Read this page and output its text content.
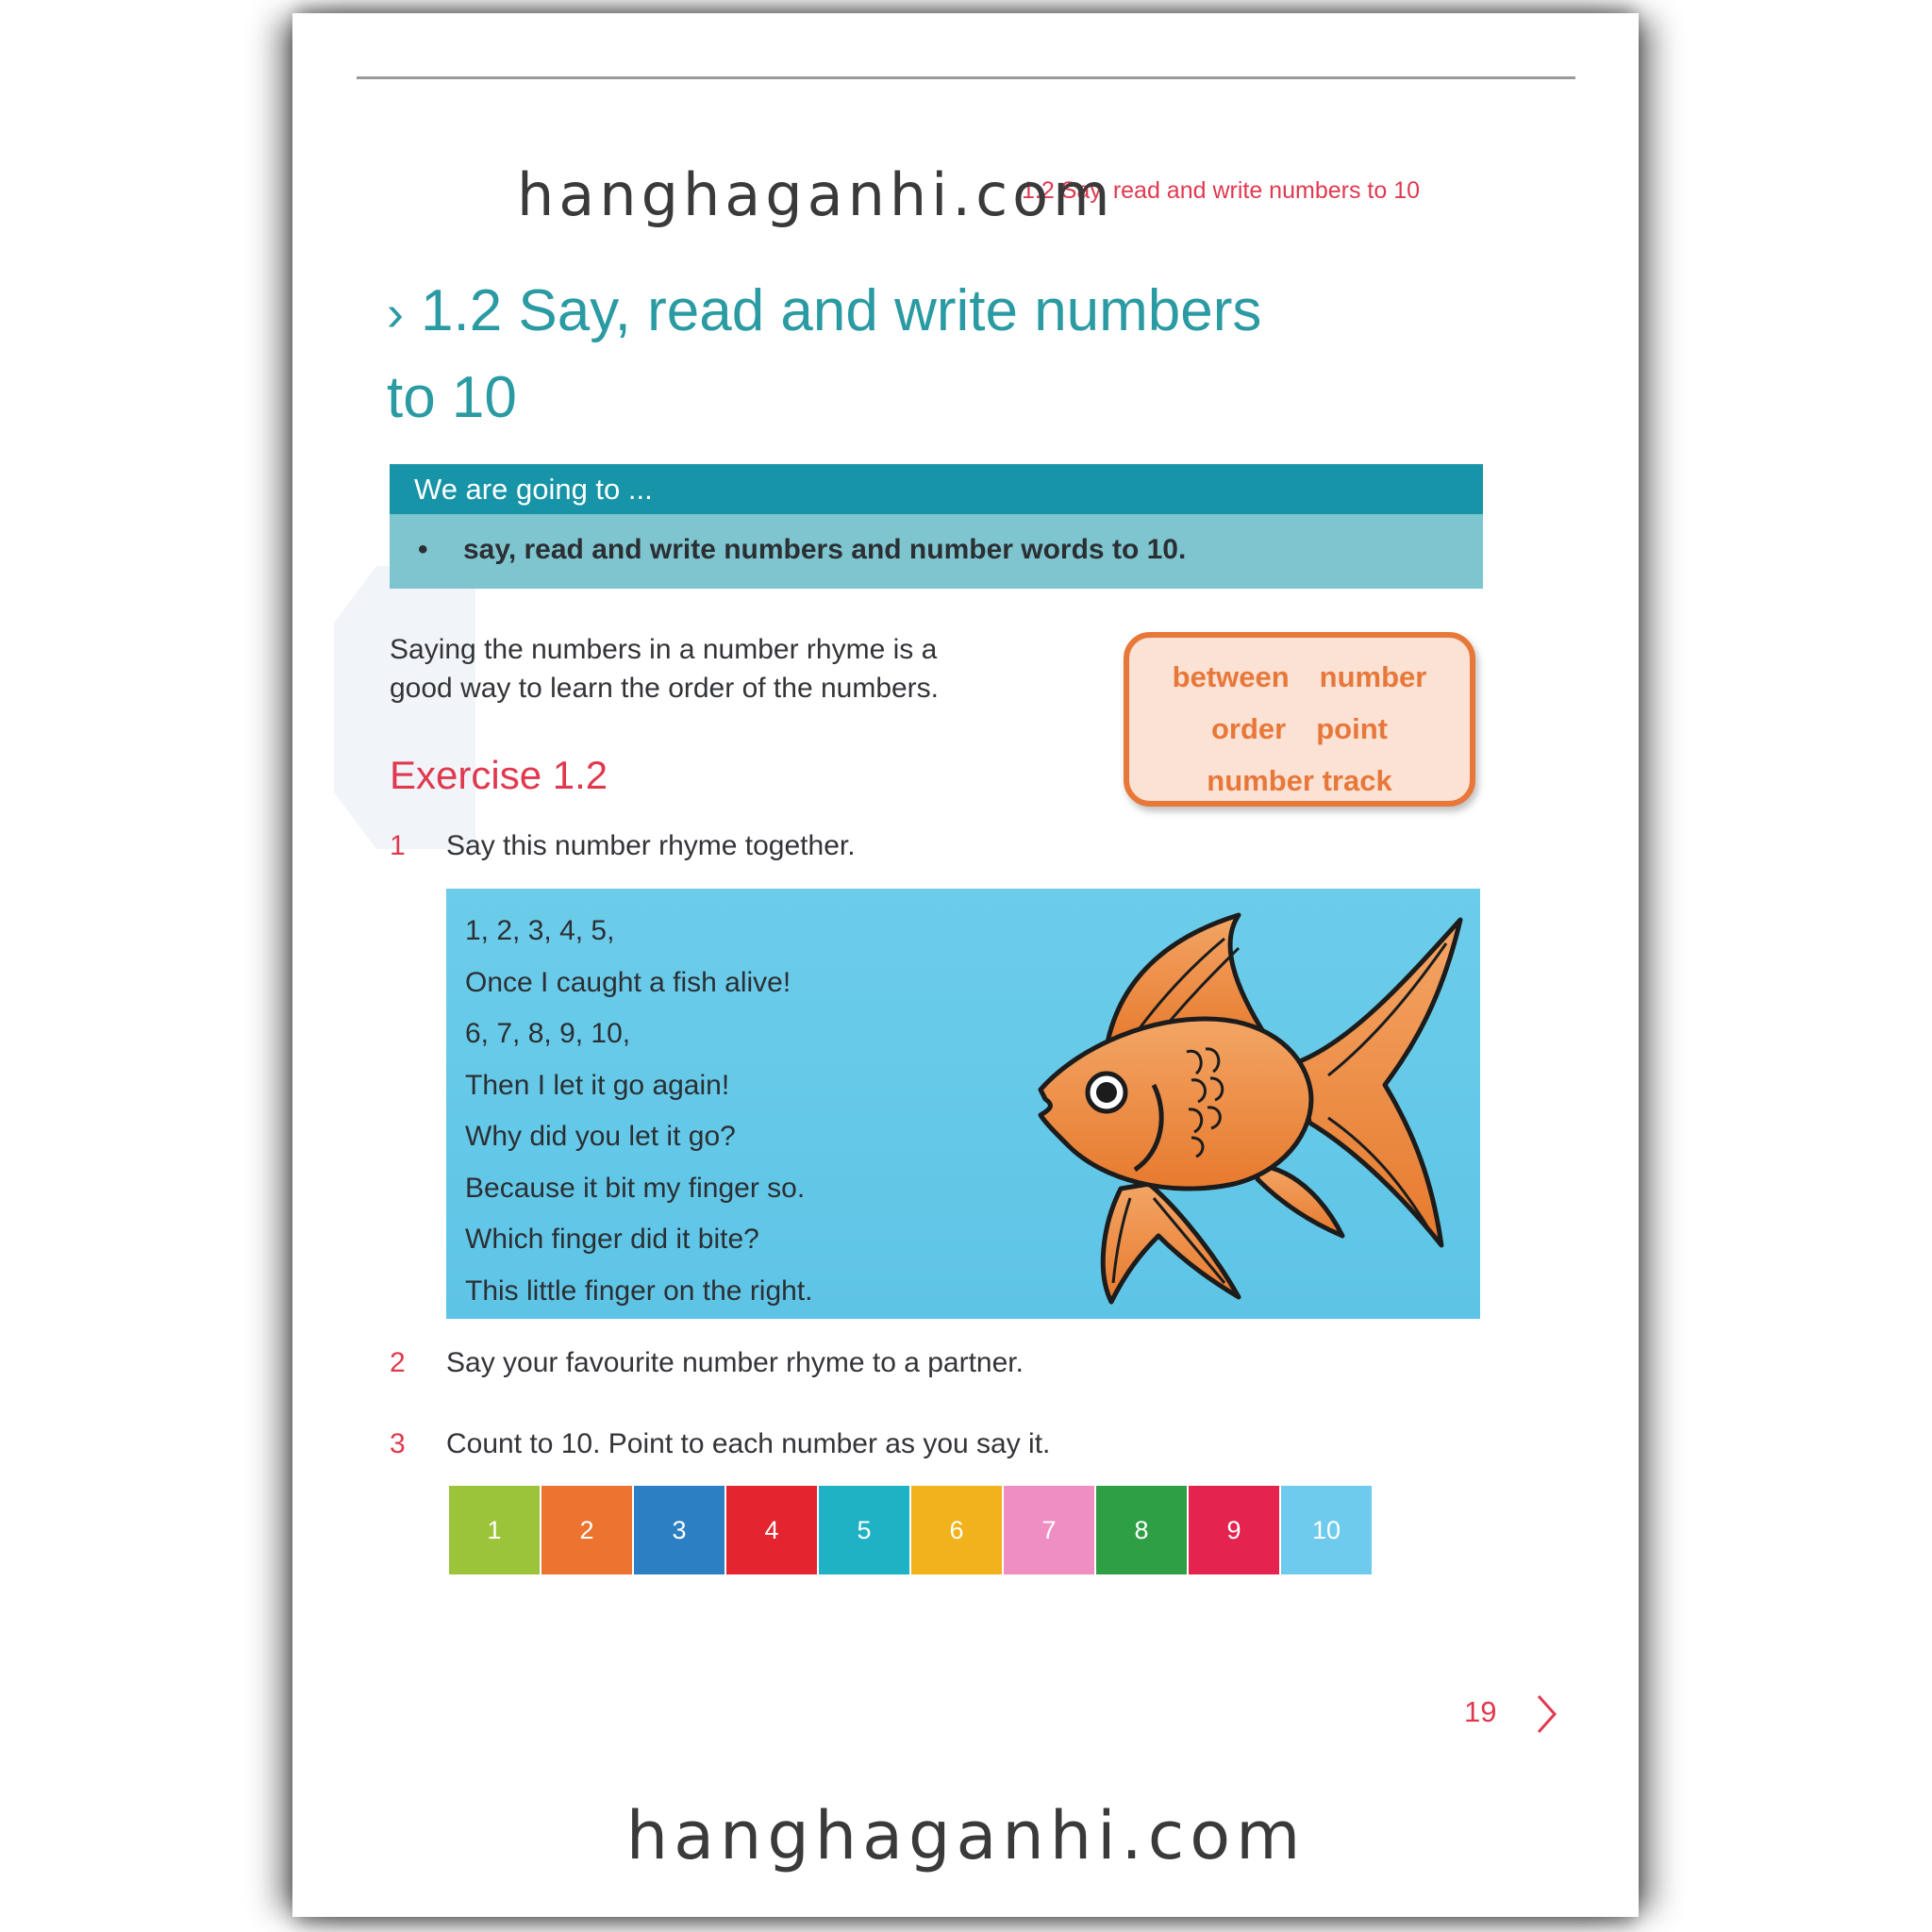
1.2 Say, read and write numbers to 10
hanghaganhi.com
› 1.2 Say, read and write numbers
to 10
We are going to ...
• say, read and write numbers and number words to 10.
Saying the numbers in a number rhyme is a
good way to learn the order of the numbers.	between number
order point
number track
Exercise 1.2
1 Say this number rhyme together.
1, 2, 3, 4, 5,
Once I caught a fish alive!
6, 7, 8, 9, 10,
Then I let it go again!
Why did you let it go?
Because it bit my finger so.
Which finger did it bite?
This little finger on the right.
2 Say your favourite number rhyme to a partner.
3 Count to 10. Point to each number as you say it.
1	2	3	4	5	6	7	8	9	10
19
hanghaganhi.com
